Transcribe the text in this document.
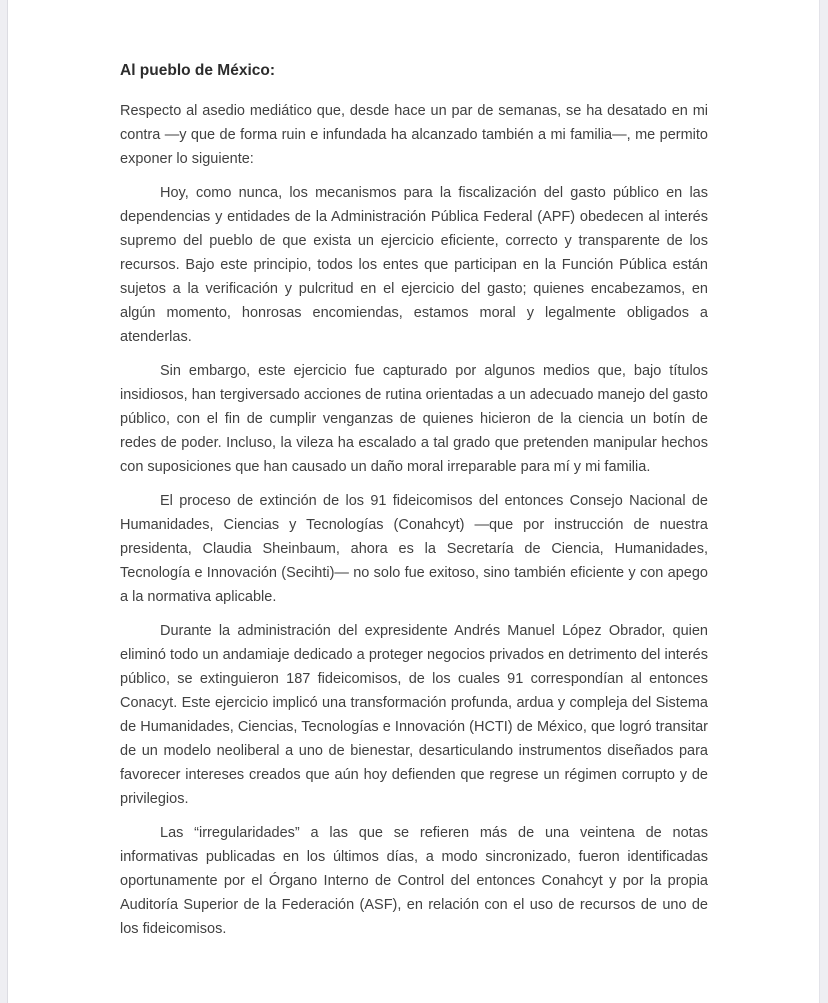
Al pueblo de México:

Respecto al asedio mediático que, desde hace un par de semanas, se ha desatado en mi contra —y que de forma ruin e infundada ha alcanzado también a mi familia—, me permito exponer lo siguiente:

Hoy, como nunca, los mecanismos para la fiscalización del gasto público en las dependencias y entidades de la Administración Pública Federal (APF) obedecen al interés supremo del pueblo de que exista un ejercicio eficiente, correcto y transparente de los recursos. Bajo este principio, todos los entes que participan en la Función Pública están sujetos a la verificación y pulcritud en el ejercicio del gasto; quienes encabezamos, en algún momento, honrosas encomiendas, estamos moral y legalmente obligados a atenderlas.

Sin embargo, este ejercicio fue capturado por algunos medios que, bajo títulos insidiosos, han tergiversado acciones de rutina orientadas a un adecuado manejo del gasto público, con el fin de cumplir venganzas de quienes hicieron de la ciencia un botín de redes de poder. Incluso, la vileza ha escalado a tal grado que pretenden manipular hechos con suposiciones que han causado un daño moral irreparable para mí y mi familia.

El proceso de extinción de los 91 fideicomisos del entonces Consejo Nacional de Humanidades, Ciencias y Tecnologías (Conahcyt) —que por instrucción de nuestra presidenta, Claudia Sheinbaum, ahora es la Secretaría de Ciencia, Humanidades, Tecnología e Innovación (Secihti)— no solo fue exitoso, sino también eficiente y con apego a la normativa aplicable.

Durante la administración del expresidente Andrés Manuel López Obrador, quien eliminó todo un andamiaje dedicado a proteger negocios privados en detrimento del interés público, se extinguieron 187 fideicomisos, de los cuales 91 correspondían al entonces Conacyt. Este ejercicio implicó una transformación profunda, ardua y compleja del Sistema de Humanidades, Ciencias, Tecnologías e Innovación (HCTI) de México, que logró transitar de un modelo neoliberal a uno de bienestar, desarticulando instrumentos diseñados para favorecer intereses creados que aún hoy defienden que regrese un régimen corrupto y de privilegios.

Las “irregularidades” a las que se refieren más de una veintena de notas informativas publicadas en los últimos días, a modo sincronizado, fueron identificadas oportunamente por el Órgano Interno de Control del entonces Conahcyt y por la propia Auditoría Superior de la Federación (ASF), en relación con el uso de recursos de uno de los fideicomisos.
